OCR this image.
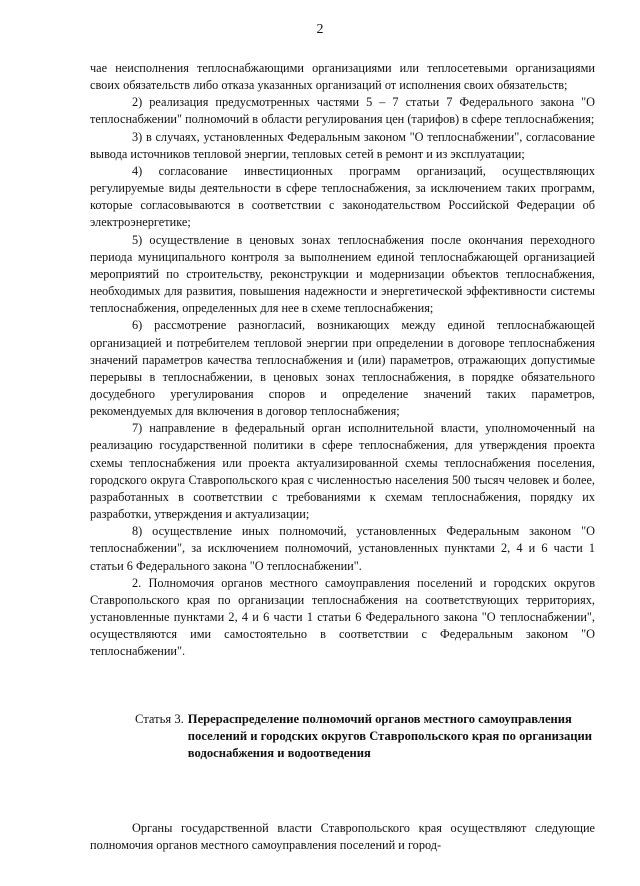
2

чае неисполнения теплоснабжающими организациями или теплосетевыми организациями своих обязательств либо отказа указанных организаций от исполнения своих обязательств;

2) реализация предусмотренных частями 5 – 7 статьи 7 Федерального закона "О теплоснабжении" полномочий в области регулирования цен (тарифов) в сфере теплоснабжения;

3) в случаях, установленных Федеральным законом "О теплоснабжении", согласование вывода источников тепловой энергии, тепловых сетей в ремонт и из эксплуатации;

4) согласование инвестиционных программ организаций, осуществляющих регулируемые виды деятельности в сфере теплоснабжения, за исключением таких программ, которые согласовываются в соответствии с законодательством Российской Федерации об электроэнергетике;

5) осуществление в ценовых зонах теплоснабжения после окончания переходного периода муниципального контроля за выполнением единой теплоснабжающей организацией мероприятий по строительству, реконструкции и модернизации объектов теплоснабжения, необходимых для развития, повышения надежности и энергетической эффективности системы теплоснабжения, определенных для нее в схеме теплоснабжения;

6) рассмотрение разногласий, возникающих между единой теплоснабжающей организацией и потребителем тепловой энергии при определении в договоре теплоснабжения значений параметров качества теплоснабжения и (или) параметров, отражающих допустимые перерывы в теплоснабжении, в ценовых зонах теплоснабжения, в порядке обязательного досудебного урегулирования споров и определение значений таких параметров, рекомендуемых для включения в договор теплоснабжения;

7) направление в федеральный орган исполнительной власти, уполномоченный на реализацию государственной политики в сфере теплоснабжения, для утверждения проекта схемы теплоснабжения или проекта актуализированной схемы теплоснабжения поселения, городского округа Ставропольского края с численностью населения 500 тысяч человек и более, разработанных в соответствии с требованиями к схемам теплоснабжения, порядку их разработки, утверждения и актуализации;

8) осуществление иных полномочий, установленных Федеральным законом "О теплоснабжении", за исключением полномочий, установленных пунктами 2, 4 и 6 части 1 статьи 6 Федерального закона "О теплоснабжении".

2. Полномочия органов местного самоуправления поселений и городских округов Ставропольского края по организации теплоснабжения на соответствующих территориях, установленные пунктами 2, 4 и 6 части 1 статьи 6 Федерального закона "О теплоснабжении", осуществляются ими самостоятельно в соответствии с Федеральным законом "О теплоснабжении".

Статья 3. Перераспределение полномочий органов местного самоуправления поселений и городских округов Ставропольского края по организации водоснабжения и водоотведения

Органы государственной власти Ставропольского края осуществляют следующие полномочия органов местного самоуправления поселений и город-
